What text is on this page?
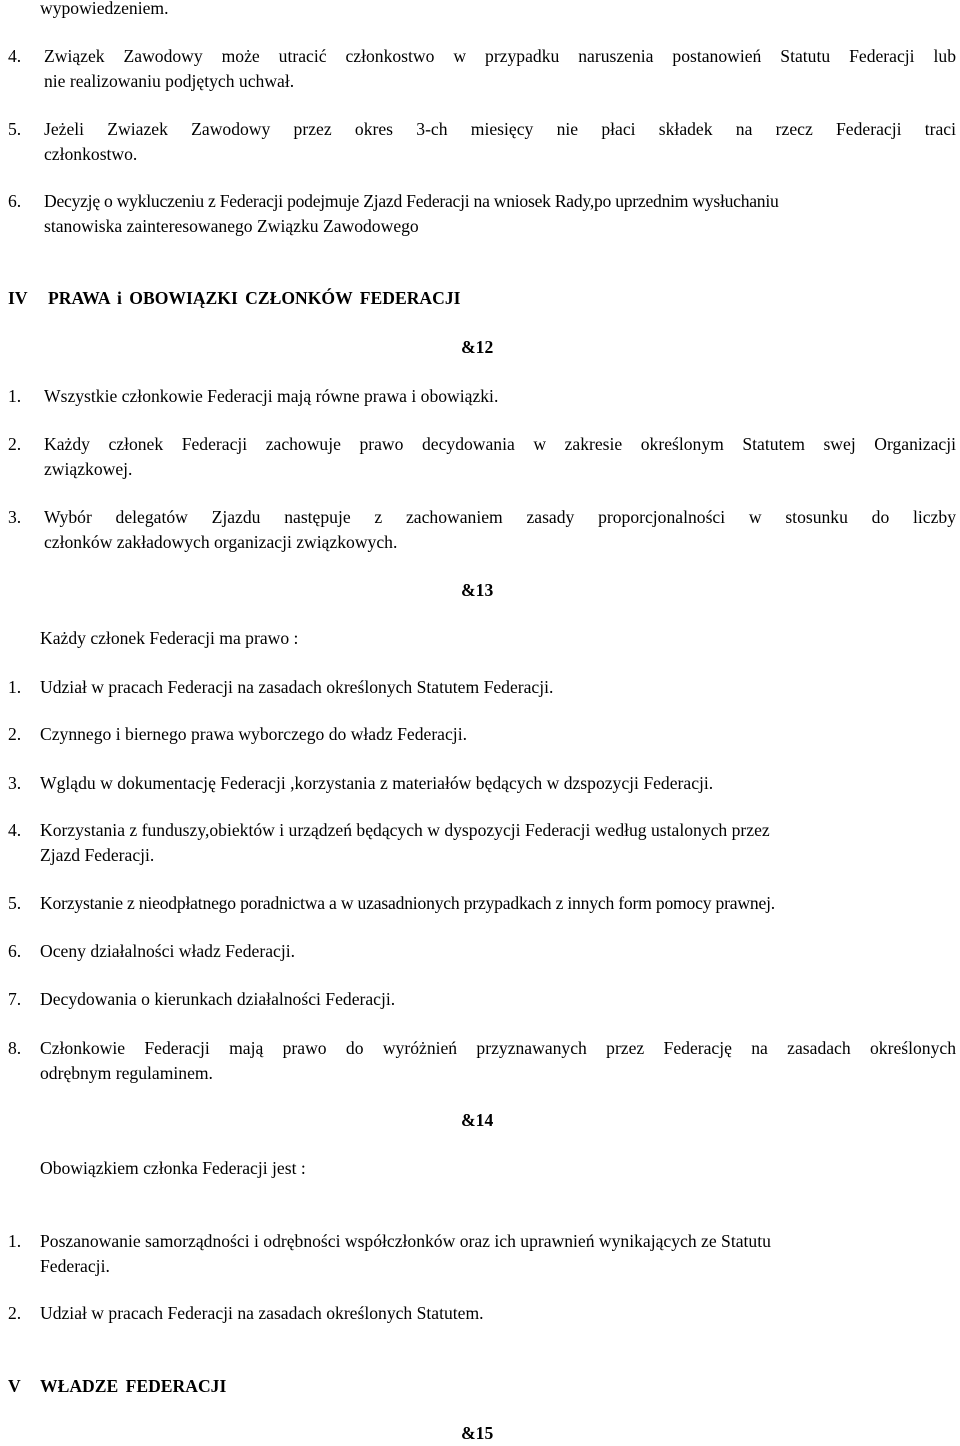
wypowiedzeniem.
4. Związek Zawodowy może utracić członkostwo w przypadku naruszenia postanowień Statutu Federacji lub
nie realizowaniu podjętych uchwał.
5. Jeżeli Zwiazek Zawodowy przez okres 3-ch miesięcy nie płaci składek na rzecz Federacji traci
członkostwo.
6. Decyzję o wykluczeniu z Federacji podejmuje Zjazd Federacji na wniosek Rady,po uprzednim wysłuchaniu
stanowiska zainteresowanego Związku Zawodowego
IV PRAWA i OBOWIĄZKI CZŁONKÓW FEDERACJI
&12
1. Wszystkie członkowie Federacji mają równe prawa i obowiązki.
2. Każdy członek Federacji zachowuje prawo decydowania w zakresie określonym Statutem swej Organizacji
związkowej.
3. Wybór delegatów Zjazdu następuje z zachowaniem zasady proporcjonalności w stosunku do liczby
członków zakładowych organizacji związkowych.
&13
Każdy członek Federacji ma prawo :
1. Udział w pracach Federacji na zasadach określonych Statutem Federacji.
2. Czynnego i biernego prawa wyborczego do władz Federacji.
3. Wglądu w dokumentację Federacji ,korzystania z materiałów będących w dzspozycji Federacji.
4. Korzystania z funduszy,obiektów i urządzeń będących w dyspozycji Federacji według ustalonych przez
Zjazd Federacji.
5. Korzystanie z nieodpłatnego poradnictwa a w uzasadnionych przypadkach z innych form pomocy prawnej.
6. Oceny działalności władz Federacji.
7. Decydowania o kierunkach działalności Federacji.
8. Członkowie Federacji mają prawo do wyróżnień przyznawanych przez Federację na zasadach określonych
odrębnym regulaminem.
&14
Obowiązkiem członka Federacji jest :
1. Poszanowanie samorządności i odrębności współczłonków oraz ich uprawnień wynikających ze Statutu
Federacji.
2. Udział w pracach Federacji na zasadach określonych Statutem.
V WŁADZE FEDERACJI
&15
